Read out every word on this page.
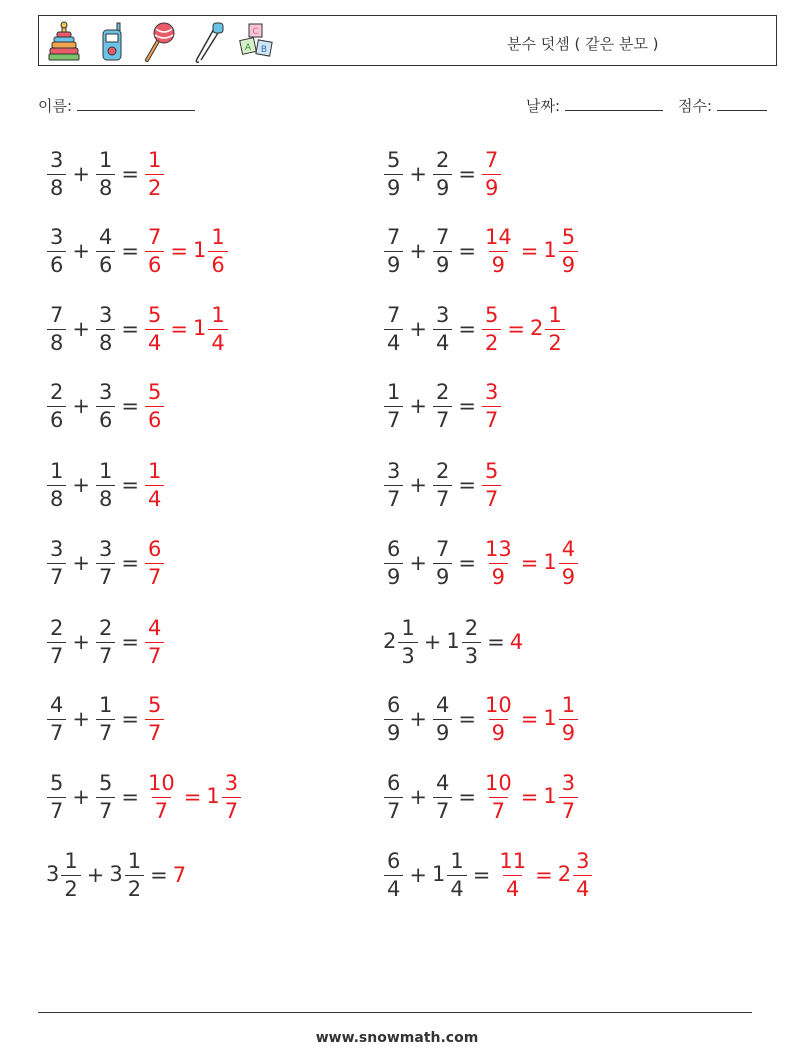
C
A B	분수 덧셈 ( 같은 분모 )
이름:	날짜:	점수:
$\frac{3}{8} + \frac{1}{8} = \frac{1}{2}$	$\frac{5}{9} + \frac{2}{9} = \frac{7}{9}$
$\frac{3}{6} + \frac{4}{6} = \frac{7}{6} = 1 \frac{1}{6}$	$\frac{7}{9} + \frac{7}{9} = \frac{14}{9} = 1 \frac{5}{9}$
$\frac{7}{8} + \frac{3}{8} = \frac{5}{4} = 1 \frac{1}{4}$	$\frac{7}{4} + \frac{3}{4} = \frac{5}{2} = 2 \frac{1}{2}$
$\frac{2}{6} + \frac{3}{6} = \frac{5}{6}$	$\frac{1}{7} + \frac{2}{7} = \frac{3}{7}$
$\frac{1}{8} + \frac{1}{8} = \frac{1}{4}$	$\frac{3}{7} + \frac{2}{7} = \frac{5}{7}$
$\frac{3}{7} + \frac{3}{7} = \frac{6}{7}$	$\frac{6}{9} + \frac{7}{9} = \frac{13}{9} = 1 \frac{4}{9}$
$\frac{2}{7} + \frac{2}{7} = \frac{4}{7}$	$2 \frac{1}{3} + 1 \frac{2}{3} = 4$
$\frac{4}{7} + \frac{1}{7} = \frac{5}{7}$	$\frac{6}{9} + \frac{4}{9} = \frac{10}{9} = 1 \frac{1}{9}$
$\frac{5}{7} + \frac{5}{7} = \frac{10}{7} = 1 \frac{3}{7}$	$\frac{6}{7} + \frac{4}{7} = \frac{10}{7} = 1 \frac{3}{7}$
$3 \frac{1}{2} + 3 \frac{1}{2} = 7$	$\frac{6}{4} + 1 \frac{1}{4} = \frac{11}{4} = 2 \frac{3}{4}$
www.snowmath.com
